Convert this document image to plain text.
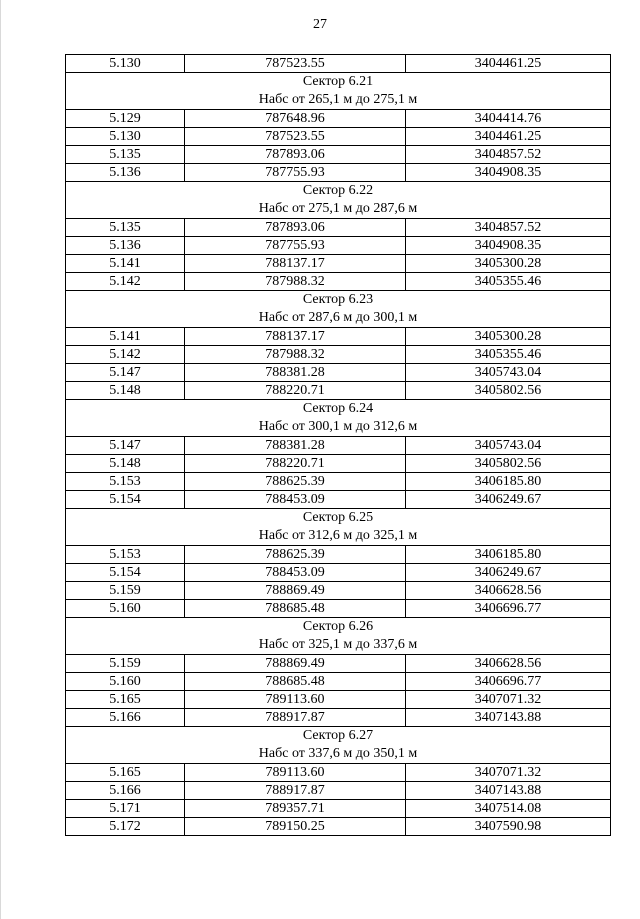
27
5.130	787523.55	3404461.25

Сектор 6.21
Набс от 265,1 м до 275,1 м		

5.129	787648.96	3404414.76
5.130	787523.55	3404461.25
5.135	787893.06	3404857.52
5.136	787755.93	3404908.35

Сектор 6.22
Набс от 275,1 м до 287,6 м		

5.135	787893.06	3404857.52
5.136	787755.93	3404908.35
5.141	788137.17	3405300.28
5.142	787988.32	3405355.46

Сектор 6.23
Набс от 287,6 м до 300,1 м		

5.141	788137.17	3405300.28
5.142	787988.32	3405355.46
5.147	788381.28	3405743.04
5.148	788220.71	3405802.56

Сектор 6.24
Набс от 300,1 м до 312,6 м		

5.147	788381.28	3405743.04
5.148	788220.71	3405802.56
5.153	788625.39	3406185.80
5.154	788453.09	3406249.67

Сектор 6.25
Набс от 312,6 м до 325,1 м		

5.153	788625.39	3406185.80
5.154	788453.09	3406249.67
5.159	788869.49	3406628.56
5.160	788685.48	3406696.77

Сектор 6.26
Набс от 325,1 м до 337,6 м		

5.159	788869.49	3406628.56
5.160	788685.48	3406696.77
5.165	789113.60	3407071.32
5.166	788917.87	3407143.88

Сектор 6.27
Набс от 337,6 м до 350,1 м		

5.165	789113.60	3407071.32
5.166	788917.87	3407143.88
5.171	789357.71	3407514.08
5.172	789150.25	3407590.98
